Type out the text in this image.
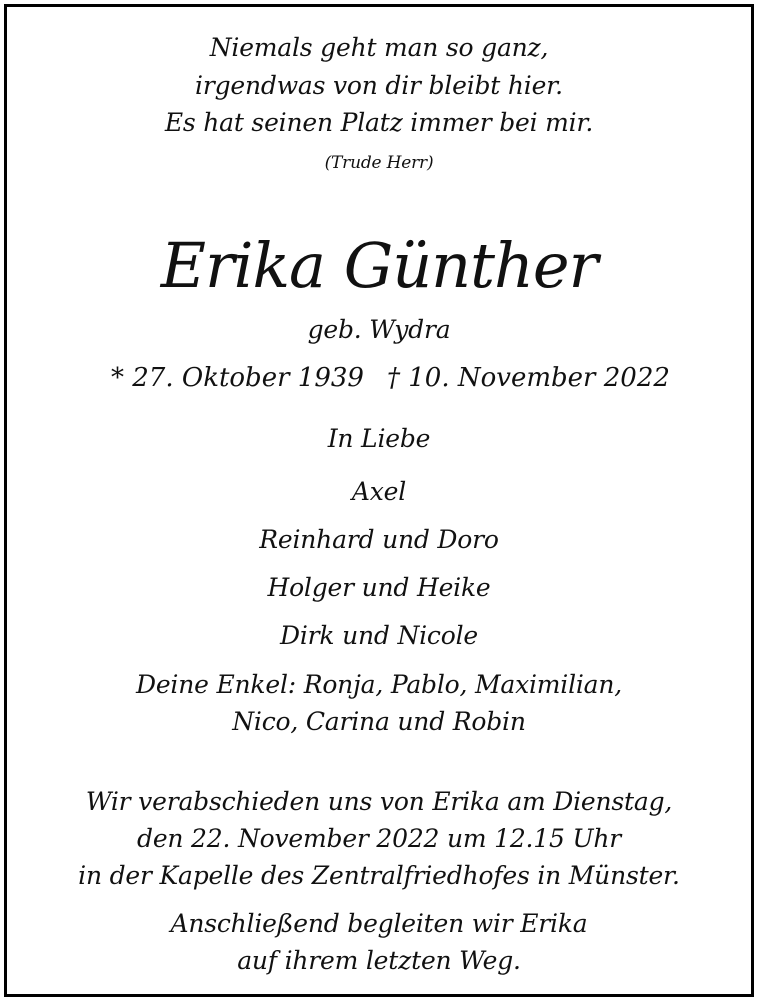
Niemals geht man so ganz,
irgendwas von dir bleibt hier.
Es hat seinen Platz immer bei mir.
(Trude Herr)
Erika Günther
geb. Wydra
* 27. Oktober 1939 † 10. November 2022
In Liebe
Axel
Reinhard und Doro
Holger und Heike
Dirk und Nicole
Deine Enkel: Ronja, Pablo, Maximilian,
Nico, Carina und Robin
Wir verabschieden uns von Erika am Dienstag,
den 22. November 2022 um 12.15 Uhr
in der Kapelle des Zentralfriedhofes in Münster.
Anschließend begleiten wir Erika
auf ihrem letzten Weg.
